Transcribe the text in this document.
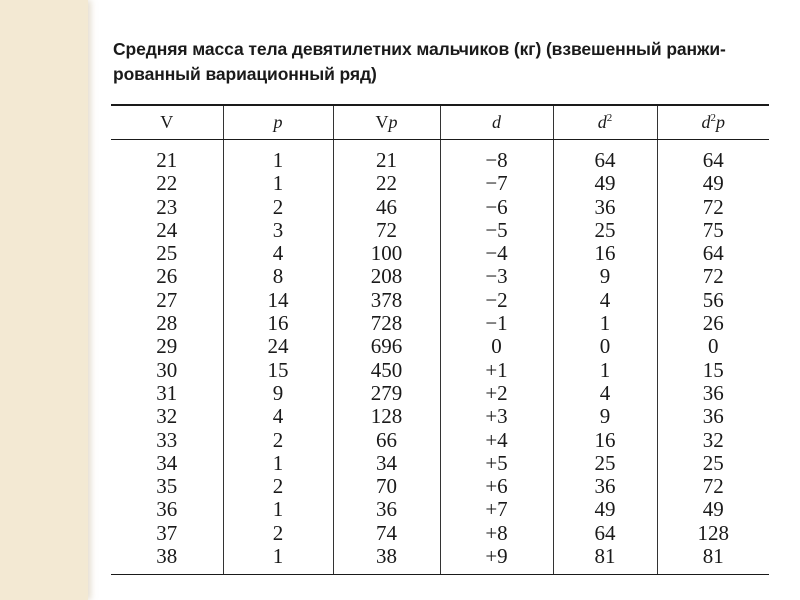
Средняя масса тела девятилетних мальчиков (кг) (взвешенный ранжи-
рованный вариационный ряд)
V	p	Vp	d	$d^2$	$d^2p$
21	1	21	−8	64	64
22	1	22	−7	49	49
23	2	46	−6	36	72
24	3	72	−5	25	75
25	4	100	−4	16	64
26	8	208	−3	9	72
27	14	378	−2	4	56
28	16	728	−1	1	26
29	24	696	0	0	0
30	15	450	+1	1	15
31	9	279	+2	4	36
32	4	128	+3	9	36
33	2	66	+4	16	32
34	1	34	+5	25	25
35	2	70	+6	36	72
36	1	36	+7	49	49
37	2	74	+8	64	128
38	1	38	+9	81	81
